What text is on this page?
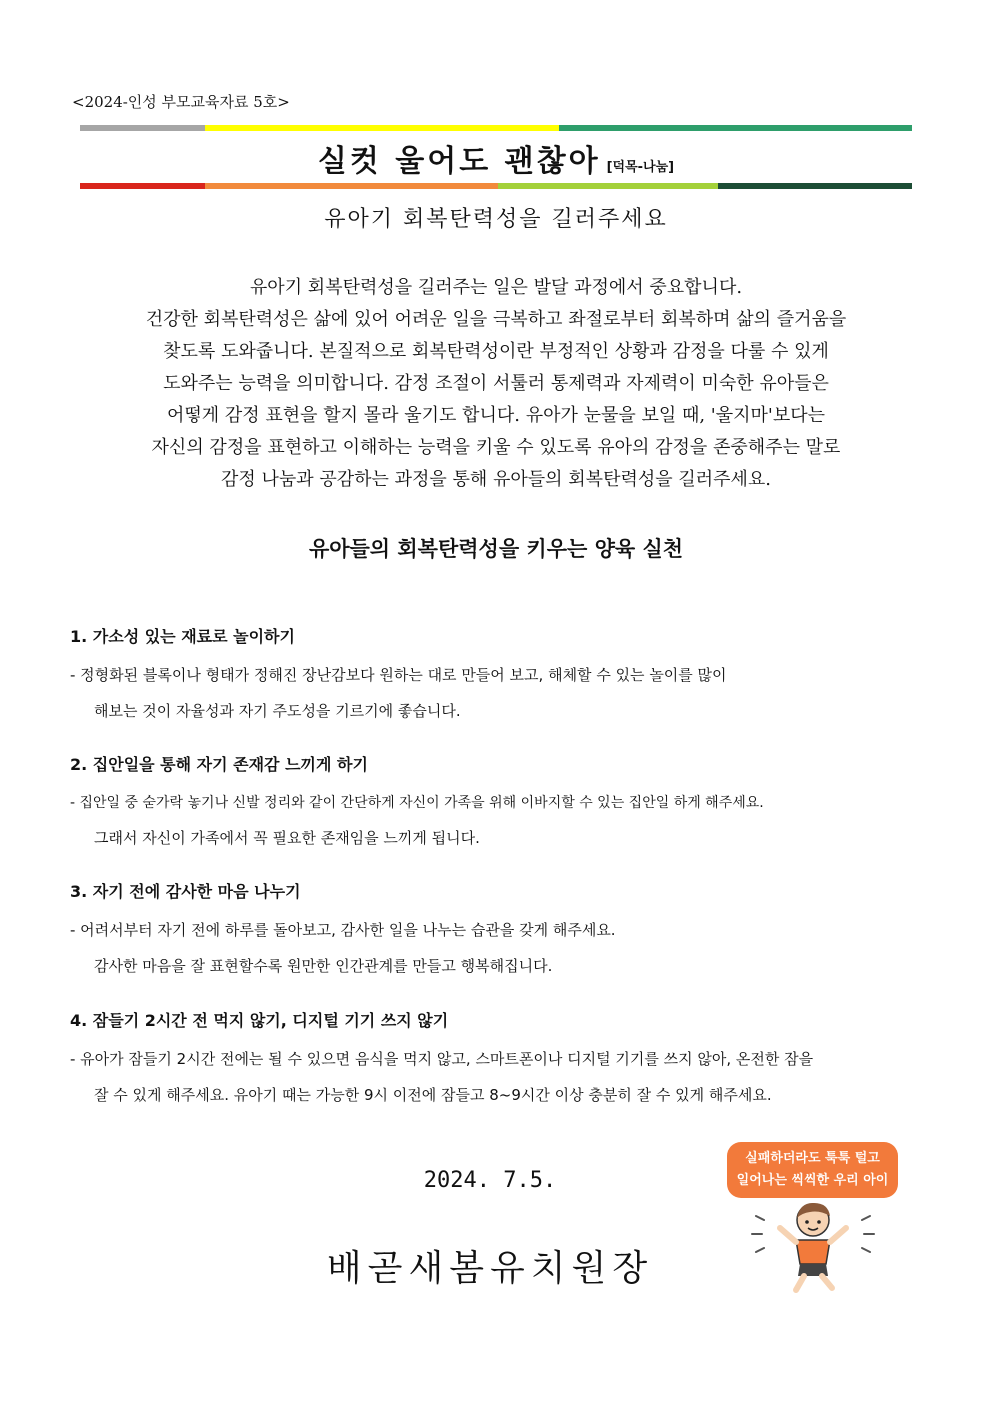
<2024-인성 부모교육자료 5호>
실컷 울어도 괜찮아 [덕목-나눔]
유아기 회복탄력성을 길러주세요
유아기 회복탄력성을 길러주는 일은 발달 과정에서 중요합니다.
건강한 회복탄력성은 삶에 있어 어려운 일을 극복하고 좌절로부터 회복하며 삶의 즐거움을
찾도록 도와줍니다. 본질적으로 회복탄력성이란 부정적인 상황과 감정을 다룰 수 있게
도와주는 능력을 의미합니다. 감정 조절이 서툴러 통제력과 자제력이 미숙한 유아들은
어떻게 감정 표현을 할지 몰라 울기도 합니다. 유아가 눈물을 보일 때, '울지마'보다는
자신의 감정을 표현하고 이해하는 능력을 키울 수 있도록 유아의 감정을 존중해주는 말로
감정 나눔과 공감하는 과정을 통해 유아들의 회복탄력성을 길러주세요.
유아들의 회복탄력성을 키우는 양육 실천
1. 가소성 있는 재료로 놀이하기
- 정형화된 블록이나 형태가 정해진 장난감보다 원하는 대로 만들어 보고, 해체할 수 있는 놀이를 많이
해보는 것이 자율성과 자기 주도성을 기르기에 좋습니다.
2. 집안일을 통해 자기 존재감 느끼게 하기
- 집안일 중 숟가락 놓기나 신발 정리와 같이 간단하게 자신이 가족을 위해 이바지할 수 있는 집안일 하게 해주세요.
그래서 자신이 가족에서 꼭 필요한 존재임을 느끼게 됩니다.
3. 자기 전에 감사한 마음 나누기
- 어려서부터 자기 전에 하루를 돌아보고, 감사한 일을 나누는 습관을 갖게 해주세요.
감사한 마음을 잘 표현할수록 원만한 인간관계를 만들고 행복해집니다.
4. 잠들기 2시간 전 먹지 않기, 디지털 기기 쓰지 않기
- 유아가 잠들기 2시간 전에는 될 수 있으면 음식을 먹지 않고, 스마트폰이나 디지털 기기를 쓰지 않아, 온전한 잠을
잘 수 있게 해주세요. 유아기 때는 가능한 9시 이전에 잠들고 8~9시간 이상 충분히 잘 수 있게 해주세요.
실패하더라도 툭툭 털고
일어나는 씩씩한 우리 아이
2024. 7.5.
배곧새봄유치원장
